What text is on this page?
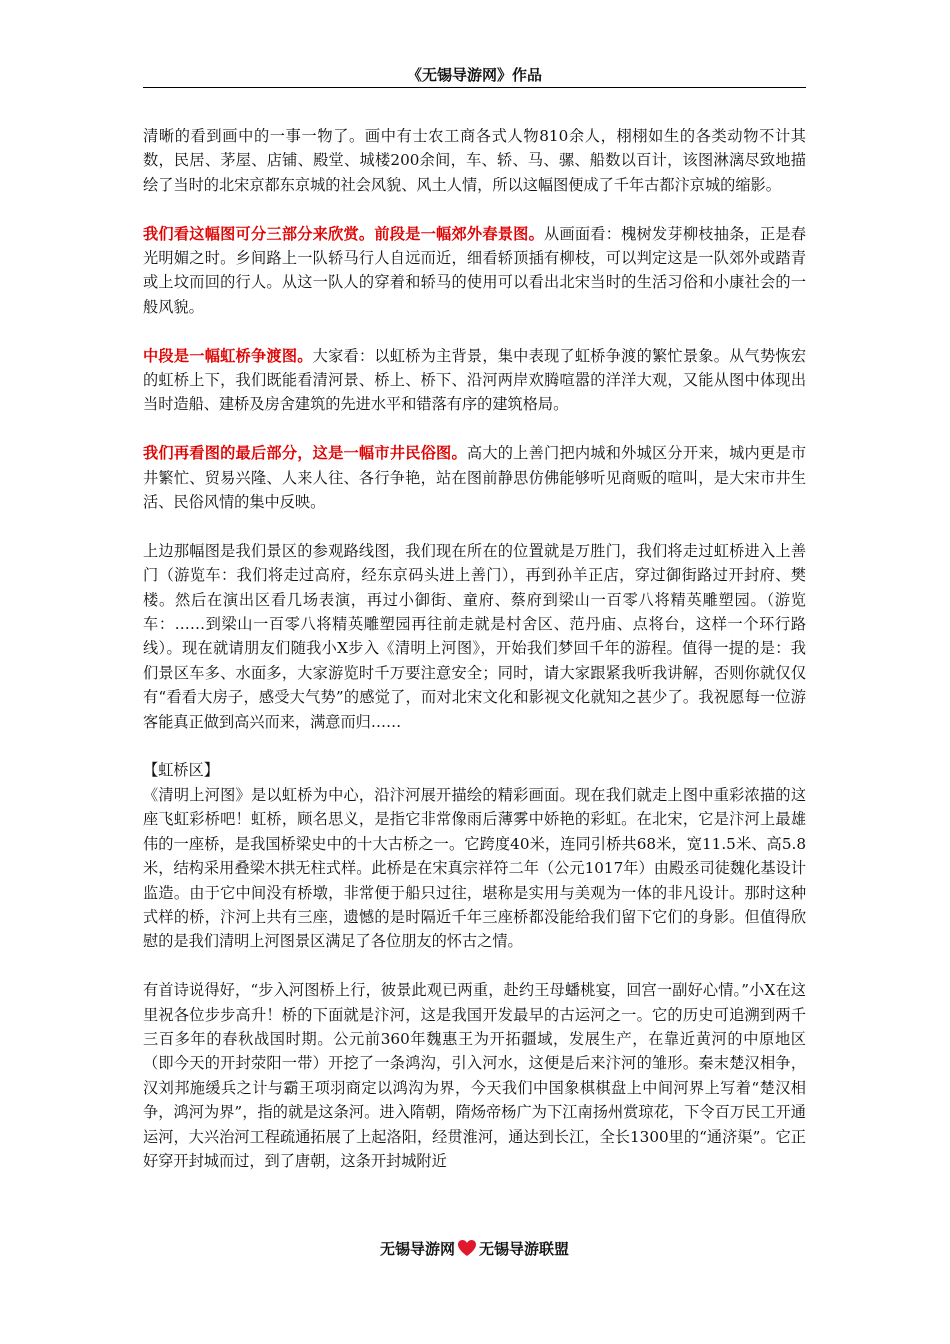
《无锡导游网》作品

清晰的看到画中的一事一物了。画中有士农工商各式人物810余人，栩栩如生的各类动物不计其数，民居、茅屋、店铺、殿堂、城楼200余间，车、轿、马、骡、船数以百计，该图淋漓尽致地描绘了当时的北宋京都东京城的社会风貌、风土人情，所以这幅图便成了千年古都汴京城的缩影。

我们看这幅图可分三部分来欣赏。前段是一幅郊外春景图。从画面看：槐树发芽柳枝抽条，正是春光明媚之时。乡间路上一队轿马行人自远而近，细看轿顶插有柳枝，可以判定这是一队郊外或踏青或上坟而回的行人。从这一队人的穿着和轿马的使用可以看出北宋当时的生活习俗和小康社会的一般风貌。

中段是一幅虹桥争渡图。大家看：以虹桥为主背景，集中表现了虹桥争渡的繁忙景象。从气势恢宏的虹桥上下，我们既能看清河景、桥上、桥下、沿河两岸欢腾喧嚣的洋洋大观，又能从图中体现出当时造船、建桥及房舍建筑的先进水平和错落有序的建筑格局。

我们再看图的最后部分，这是一幅市井民俗图。高大的上善门把内城和外城区分开来，城内更是市井繁忙、贸易兴隆、人来人往、各行争艳，站在图前静思仿佛能够听见商贩的喧叫，是大宋市井生活、民俗风情的集中反映。

上边那幅图是我们景区的参观路线图，我们现在所在的位置就是万胜门，我们将走过虹桥进入上善门（游览车：我们将走过高府，经东京码头进上善门），再到孙羊正店，穿过御街路过开封府、樊楼。然后在演出区看几场表演，再过小御街、童府、蔡府到梁山一百零八将精英雕塑园。（游览车：……到梁山一百零八将精英雕塑园再往前走就是村舍区、范丹庙、点将台，这样一个环行路线）。现在就请朋友们随我小X步入《清明上河图》，开始我们梦回千年的游程。值得一提的是：我们景区车多、水面多，大家游览时千万要注意安全；同时，请大家跟紧我听我讲解，否则你就仅仅有“看看大房子，感受大气势”的感觉了，而对北宋文化和影视文化就知之甚少了。我祝愿每一位游客能真正做到高兴而来，满意而归……

【虹桥区】

《清明上河图》是以虹桥为中心，沿汴河展开描绘的精彩画面。现在我们就走上图中重彩浓描的这座飞虹彩桥吧！虹桥，顾名思义，是指它非常像雨后薄雾中娇艳的彩虹。在北宋，它是汴河上最雄伟的一座桥，是我国桥梁史中的十大古桥之一。它跨度40米，连同引桥共68米，宽11.5米、高5.8米，结构采用叠梁木拱无柱式样。此桥是在宋真宗祥符二年（公元1017年）由殿丞司徒魏化基设计监造。由于它中间没有桥墩，非常便于船只过往，堪称是实用与美观为一体的非凡设计。那时这种式样的桥，汴河上共有三座，遗憾的是时隔近千年三座桥都没能给我们留下它们的身影。但值得欣慰的是我们清明上河图景区满足了各位朋友的怀古之情。

有首诗说得好，“步入河图桥上行，彼景此观已两重，赴约王母蟠桃宴，回宫一副好心情。”小X在这里祝各位步步高升！桥的下面就是汴河，这是我国开发最早的古运河之一。它的历史可追溯到两千三百多年的春秋战国时期。公元前360年魏惠王为开拓疆域，发展生产，在靠近黄河的中原地区（即今天的开封荥阳一带）开挖了一条鸿沟，引入河水，这便是后来汴河的雏形。秦末楚汉相争，汉刘邦施缓兵之计与霸王项羽商定以鸿沟为界，今天我们中国象棋棋盘上中间河界上写着“楚汉相争，鸿河为界”，指的就是这条河。进入隋朝，隋炀帝杨广为下江南扬州赏琼花，下令百万民工开通运河，大兴治河工程疏通拓展了上起洛阳，经贯淮河，通达到长江，全长1300里的“通济渠”。它正好穿开封城而过，到了唐朝，这条开封城附近

无锡导游网 无锡导游联盟
